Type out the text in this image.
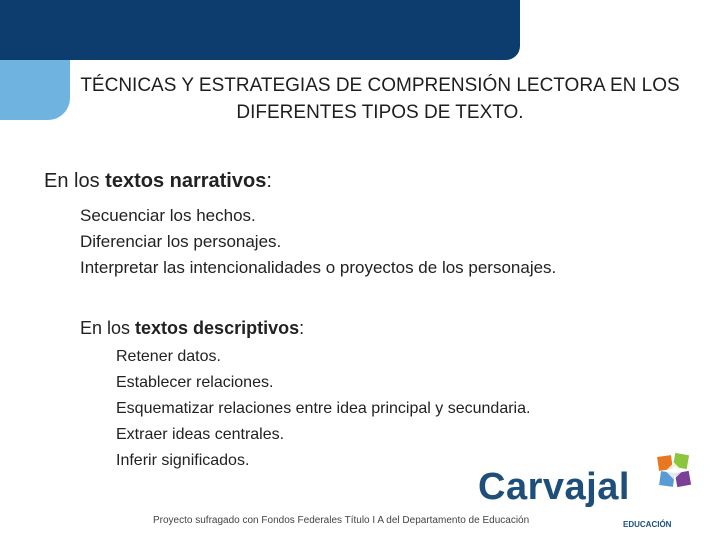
TÉCNICAS Y ESTRATEGIAS DE COMPRENSIÓN LECTORA EN LOS
DIFERENTES TIPOS DE TEXTO.
En los textos narrativos:
Secuenciar los hechos.
Diferenciar los personajes.
Interpretar las intencionalidades o proyectos de los personajes.
En los textos descriptivos:
Retener datos.
Establecer relaciones.
Esquematizar relaciones entre idea principal y secundaria.
Extraer ideas centrales.
Inferir significados.
Proyecto sufragado con Fondos Federales Título I A del Departamento de Educación
Carvajal
EDUCACIÓN
